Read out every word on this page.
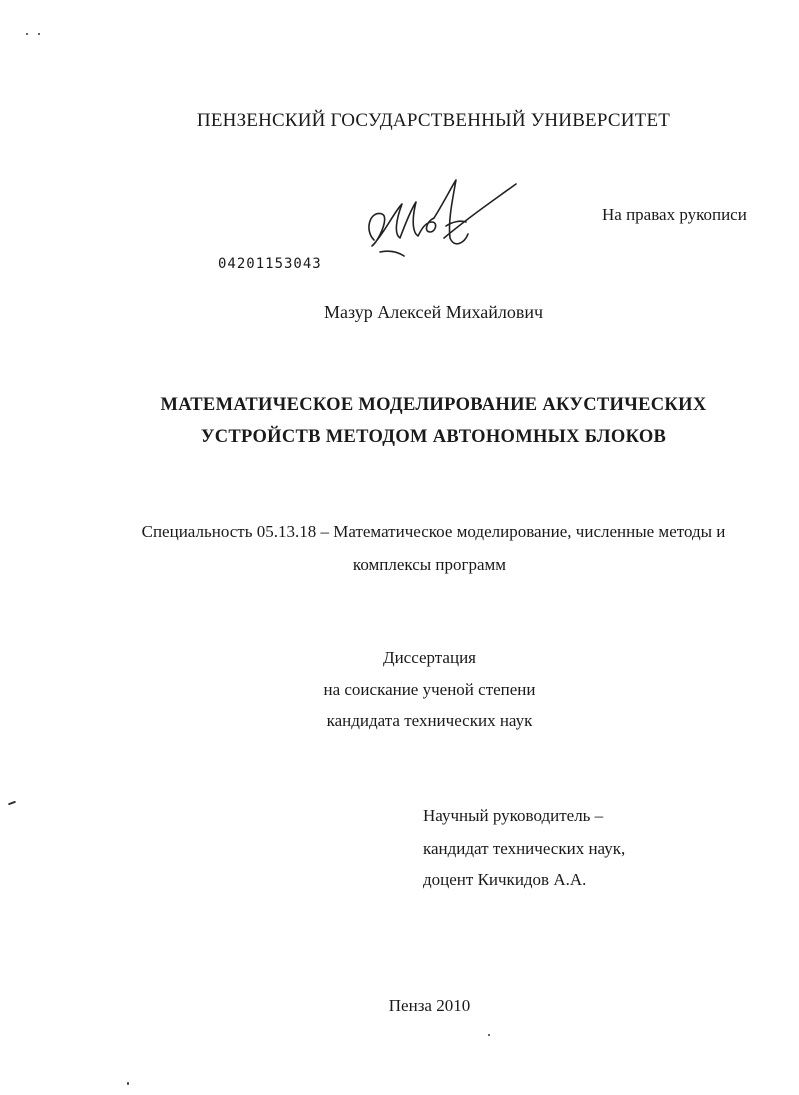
ПЕНЗЕНСКИЙ ГОСУДАРСТВЕННЫЙ УНИВЕРСИТЕТ
На правах рукописи
04201153043
Мазур Алексей Михайлович
МАТЕМАТИЧЕСКОЕ МОДЕЛИРОВАНИЕ АКУСТИЧЕСКИХ
УСТРОЙСТВ МЕТОДОМ АВТОНОМНЫХ БЛОКОВ
Специальность 05.13.18 – Математическое моделирование, численные методы и
комплексы программ
Диссертация
на соискание ученой степени
кандидата технических наук
Научный руководитель –
кандидат технических наук,
доцент Кичкидов А.А.
Пенза 2010
